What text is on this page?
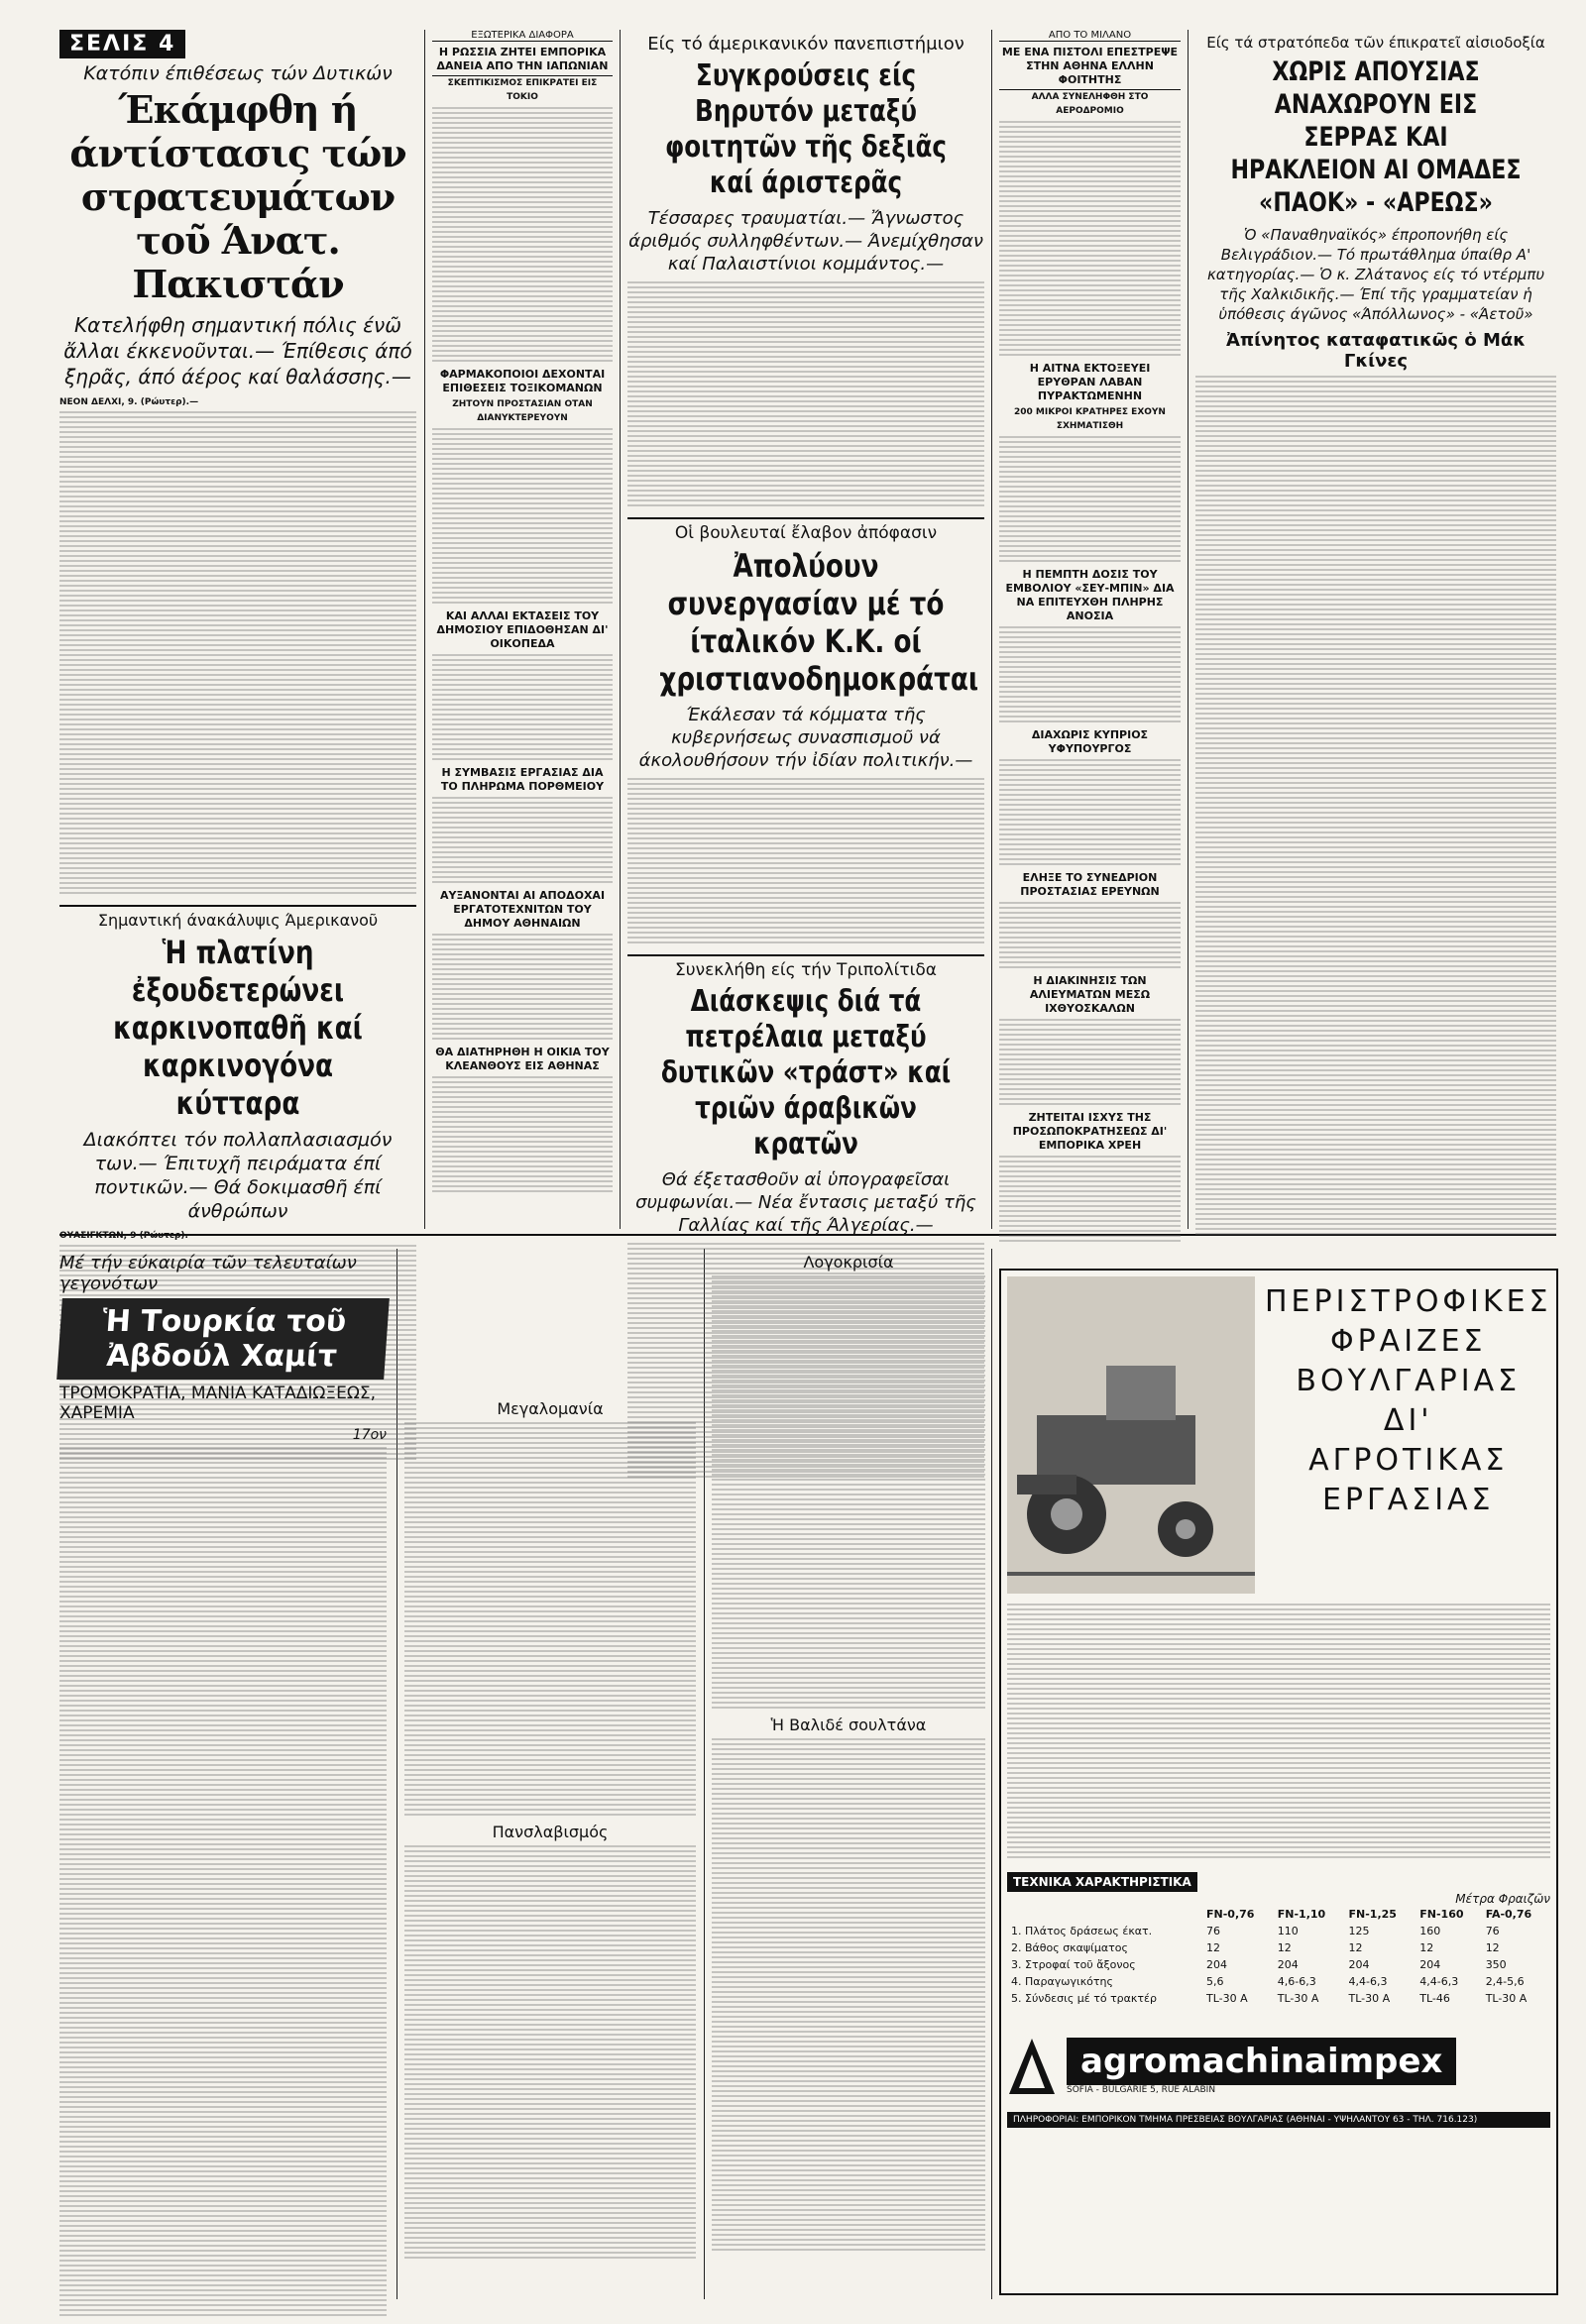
ΣΕΛΙΣ 4
Κατόπιν έπιθέσεως τών Δυτικών
Έκάμφθη ή άντίστασις τών στρατευμάτων τοῦ Άνατ. Πακιστάν
Κατελήφθη σημαντική πόλις ένῶ ἄλλαι έκκενοῦνται.— Έπίθεσις άπό ξηρᾶς, άπό άέρος καί θαλάσσης.—
ΝΕΟΝ ΔΕΛΧΙ, 9. (Ρώυτερ).—
Σημαντική άνακάλυψις Άμερικανοῦ
Ἡ πλατίνη ἐξουδετερώνει καρκινοπαθῆ καί καρκινογόνα κύτταρα
Διακόπτει τόν πολλαπλασιασμόν των.— Έπιτυχῆ πειράματα έπί ποντικῶν.— Θά δοκιμασθῆ έπί άνθρώπων
ΟΥΑΣΙΓΚΤΩΝ, 9 (Ρώυτερ).—
ΕΞΩΤΕΡΙΚΑ ΔΙΑΦΟΡΑ
Η ΡΩΣΣΙΑ ΖΗΤΕΙ ΕΜΠΟΡΙΚΑ ΔΑΝΕΙΑ ΑΠΟ ΤΗΝ ΙΑΠΩΝΙΑΝ
ΣΚΕΠΤΙΚΙΣΜΟΣ ΕΠΙΚΡΑΤΕΙ ΕΙΣ ΤΟΚΙΟ
ΦΑΡΜΑΚΟΠΟΙΟΙ ΔΕΧΟΝΤΑΙ ΕΠΙΘΕΣΕΙΣ ΤΟΞΙΚΟΜΑΝΩΝ
ΖΗΤΟΥΝ ΠΡΟΣΤΑΣΙΑΝ ΟΤΑΝ ΔΙΑΝΥΚΤΕΡΕΥΟΥΝ
ΚΑΙ ΑΛΛΑΙ ΕΚΤΑΣΕΙΣ ΤΟΥ ΔΗΜΟΣΙΟΥ ΕΠΙΔΟΘΗΣΑΝ ΔΙ' ΟΙΚΟΠΕΔΑ
Η ΣΥΜΒΑΣΙΣ ΕΡΓΑΣΙΑΣ ΔΙΑ ΤΟ ΠΛΗΡΩΜΑ ΠΟΡΘΜΕΙΟΥ
ΑΥΞΑΝΟΝΤΑΙ ΑΙ ΑΠΟΔΟΧΑΙ ΕΡΓΑΤΟΤΕΧΝΙΤΩΝ ΤΟΥ ΔΗΜΟΥ ΑΘΗΝΑΙΩΝ
ΘΑ ΔΙΑΤΗΡΗΘΗ Η ΟΙΚΙΑ ΤΟΥ ΚΛΕΑΝΘΟΥΣ ΕΙΣ ΑΘΗΝΑΣ
Είς τό άμερικανικόν πανεπιστήμιον
Συγκρούσεις είς Βηρυτόν μεταξύ φοιτητῶν τῆς δεξιᾶς καί άριστερᾶς
Τέσσαρες τραυματίαι.— Ἄγνωστος άριθμός συλληφθέντων.— Άνεμίχθησαν καί Παλαιστίνιοι κομμάντος.—
Οἱ βουλευταί ἔλαβον ἀπόφασιν
Ἀπολύουν συνεργασίαν μέ τό ίταλικόν Κ.Κ. οί χριστιανοδημοκράται
Έκάλεσαν τά κόμματα τῆς κυβερνήσεως συνασπισμοῦ νά άκολουθήσουν τήν ἰδίαν πολιτικήν.—
Συνεκλήθη είς τήν Τριπολίτιδα
Διάσκεψις διά τά πετρέλαια μεταξύ δυτικῶν «τράστ» καί τριῶν άραβικῶν κρατῶν
Θά έξετασθοῦν αἱ ὑπογραφεῖσαι συμφωνίαι.— Νέα ἔντασις μεταξύ τῆς Γαλλίας καί τῆς Άλγερίας.—
ΑΠΟ ΤΟ ΜΙΛΑΝΟ
ΜΕ ΕΝΑ ΠΙΣΤΟΛΙ ΕΠΕΣΤΡΕΨΕ ΣΤΗΝ ΑΘΗΝΑ ΕΛΛΗΝ ΦΟΙΤΗΤΗΣ
ΑΛΛΑ ΣΥΝΕΛΗΦΘΗ ΣΤΟ ΑΕΡΟΔΡΟΜΙΟ
Η ΑΙΤΝΑ ΕΚΤΟΞΕΥΕΙ ΕΡΥΘΡΑΝ ΛΑΒΑΝ ΠΥΡΑΚΤΩΜΕΝΗΝ
200 ΜΙΚΡΟΙ ΚΡΑΤΗΡΕΣ ΕΧΟΥΝ ΣΧΗΜΑΤΙΣΘΗ
Η ΠΕΜΠΤΗ ΔΟΣΙΣ ΤΟΥ ΕΜΒΟΛΙΟΥ «ΣΕΥ-ΜΠΙΝ» ΔΙΑ ΝΑ ΕΠΙΤΕΥΧΘΗ ΠΛΗΡΗΣ ΑΝΟΣΙΑ
ΔΙΑΧΩΡΙΣ ΚΥΠΡΙΟΣ ΥΦΥΠΟΥΡΓΟΣ
ΕΛΗΞΕ ΤΟ ΣΥΝΕΔΡΙΟΝ ΠΡΟΣΤΑΣΙΑΣ ΕΡΕΥΝΩΝ
Η ΔΙΑΚΙΝΗΣΙΣ ΤΩΝ ΑΛΙΕΥΜΑΤΩΝ ΜΕΣΩ ΙΧΘΥΟΣΚΑΛΩΝ
ΖΗΤΕΙΤΑΙ ΙΣΧΥΣ ΤΗΣ ΠΡΟΣΩΠΟΚΡΑΤΗΣΕΩΣ ΔΙ' ΕΜΠΟΡΙΚΑ ΧΡΕΗ
Είς τά στρατόπεδα τῶν έπικρατεῖ αἰσιοδοξία
ΧΩΡΙΣ ΑΠΟΥΣΙΑΣ ΑΝΑΧΩΡΟΥΝ ΕΙΣ ΣΕΡΡΑΣ ΚΑΙ ΗΡΑΚΛΕΙΟΝ ΑΙ ΟΜΑΔΕΣ «ΠΑΟΚ» - «ΑΡΕΩΣ»
Ὁ «Παναθηναϊκός» έπροπονήθη είς Βελιγράδιον.— Τό πρωτάθλημα ύπαίθρ Α' κατηγορίας.— Ὁ κ. Ζλάτανος είς τό ντέρμπυ τῆς Χαλκιδικῆς.— Έπί τῆς γραμματείαν ἡ ὑπόθεσις άγῶνος «Άπόλλωνος» - «Άετοῦ»
Ἀπίνητος καταφατικῶς ὁ Μάκ Γκίνες
Μέ τήν εύκαιρία τῶν τελευταίων γεγονότων
Ἡ Τουρκία τοῦ Ἀβδούλ Χαμίτ
ΤΡΟΜΟΚΡΑΤΙΑ, ΜΑΝΙΑ ΚΑΤΑΔΙΩΞΕΩΣ, ΧΑΡΕΜΙΑ
17ον
Μεγαλομανία
Πανσλαβισμός
Λογοκρισία
Ἡ Βαλιδέ σουλτάνα
ΠΕΡΙΣΤΡΟΦΙΚΕΣ
ΦΡΑΙΖΕΣ
ΒΟΥΛΓΑΡΙΑΣ
ΔΙ'
ΑΓΡΟΤΙΚΑΣ
ΕΡΓΑΣΙΑΣ
ΤΕΧΝΙΚΑ ΧΑΡΑΚΤΗΡΙΣΤΙΚΑ
Μέτρα Φραιζῶν
	FN-0,76	FN-1,10	FN-1,25	FN-160	FA-0,76
1. Πλάτος δράσεως έκατ.	76	110	125	160	76
2. Βάθος σκαψίματος	12	12	12	12	12
3. Στροφαί τοῦ ἄξονος	204	204	204	204	350
4. Παραγωγικότης	5,6	4,6-6,3	4,4-6,3	4,4-6,3	2,4-5,6
5. Σύνδεσις μέ τό τρακτέρ	TL-30 A	TL-30 A	TL-30 A	TL-46	TL-30 A
agromachinaimpex
SOFIA - BULGARIE 5, RUE ALABIN
ΠΛΗΡΟΦΟΡΙΑΙ: ΕΜΠΟΡΙΚΟΝ ΤΜΗΜΑ ΠΡΕΣΒΕΙΑΣ ΒΟΥΛΓΑΡΙΑΣ (ΑΘΗΝΑΙ - ΥΨΗΛΑΝΤΟΥ 63 - ΤΗΛ. 716.123)
